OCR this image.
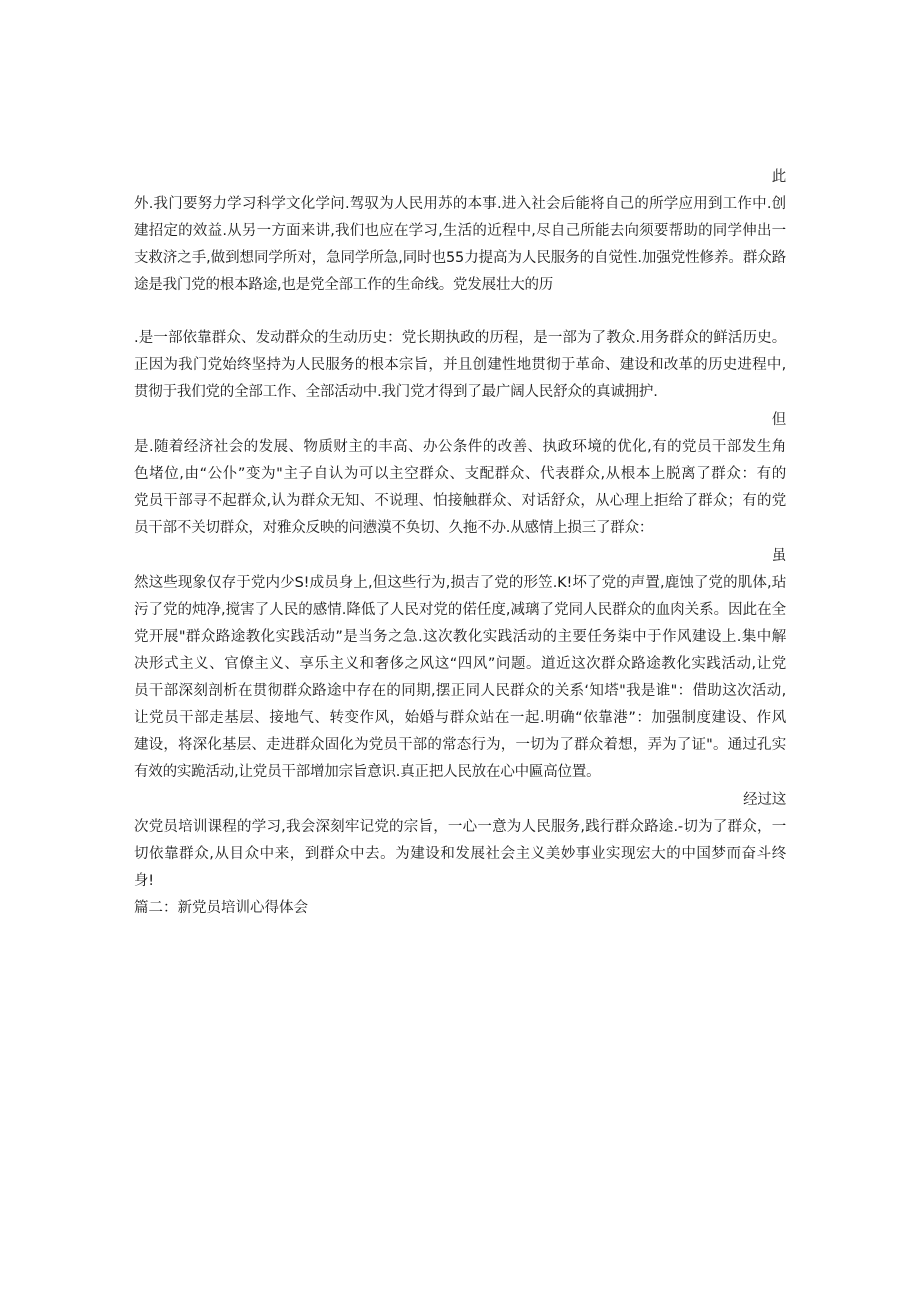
此
外.我门要努力学习科学文化学问.驾驭为人民用苏的本事.进入社会后能将自己的所学应用到工作中.创
建招定的效益.从另一方面来讲,我们也应在学习,生活的近程中,尽自己所能去向须要帮助的同学伸出一
支救济之手,做到想同学所对，急同学所急,同时也55力提高为人民服务的自觉性.加强党性修养。群众路
途是我门党的根本路途,也是党全部工作的生命线。党发展壮大的历
.是一部依靠群众、发动群众的生动历史：党长期执政的历程，是一部为了教众.用务群众的鲜活历史。
正因为我门党始终坚持为人民服务的根本宗旨，并且创建性地贯彻于革命、建设和改革的历史进程中,
贯彻于我们党的全部工作、全部活动中.我门党才得到了最广阔人民舒众的真诚拥护.
但
是.随着经济社会的发展、物质财主的丰高、办公条件的改善、执政环境的优化,有的党员干部发生角
色堵位,由“公仆”变为"主子自认为可以主空群众、支配群众、代表群众,从根本上脱离了群众：有的
党员干部寻不起群众,认为群众无知、不说理、怕接触群众、对话舒众，从心理上拒给了群众；有的党
员干部不关切群众，对雅众反映的问懑漠不奂切、久拖不办.从感情上损三了群众：
虽
然这些现象仅存于党内少S!成员身上,但这些行为,损吉了党的形笠.K!坏了党的声置,鹿蚀了党的肌体,玷
污了党的炖净,搅害了人民的感情.降低了人民对党的偌任度,减璃了党同人民群众的血肉关系。因此在全
党开展"群众路途教化实践活动”是当务之急.这次教化实践活动的主要任务柒中于作风建设上.集中解
决形式主义、官僚主义、享乐主义和奢侈之风这“四风”问题。道近这次群众路途教化实践活动,让党
员干部深刻剖析在贯彻群众路途中存在的同期,摆正同人民群众的关系‘知塔"我是谁"：借助这次活动,
让党员干部走基层、接地气、转变作风，始婚与群众站在一起.明确“依靠港”：加强制度建设、作风
建设，将深化基层、走进群众固化为党员干部的常态行为，一切为了群众着想，弄为了证"。通过孔实
有效的实跪活动,让党员干部增加宗旨意识.真正把人民放在心中匾高位置。
经过这
次党员培训课程的学习,我会深刻牢记党的宗旨，一心一意为人民服务,践行群众路途.-切为了群众，一
切依靠群众,从目众中来，到群众中去。为建设和发展社会主义美妙事业实现宏大的中国梦而奋斗终
身!
篇二：新党员培训心得体会
